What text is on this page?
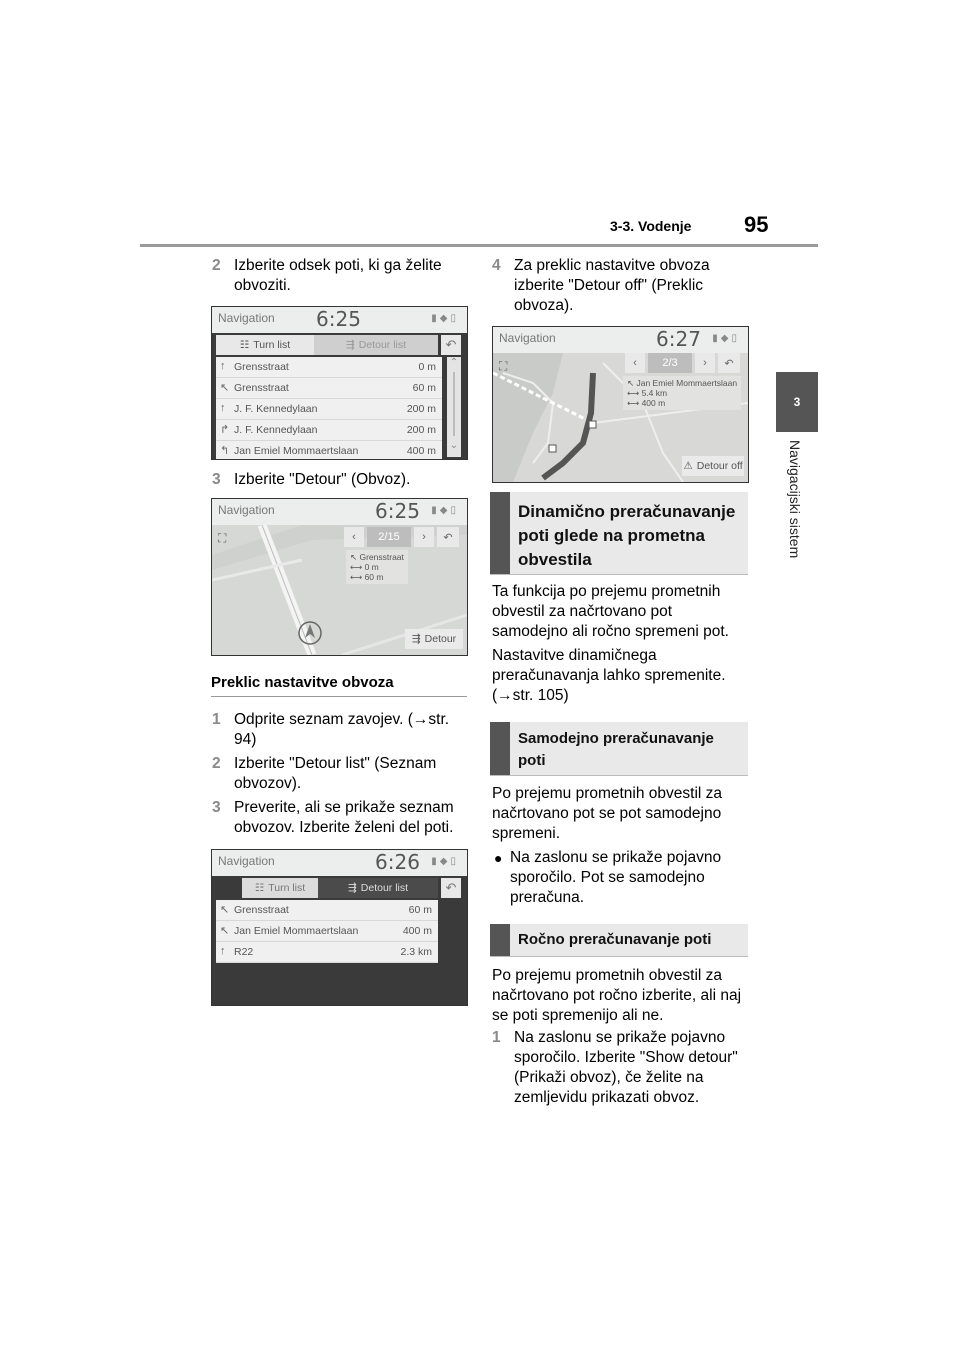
3-3. Vodenje 95
3
Navigacijski sistem
2 Izberite odsek poti, ki ga želite obvoziti.
Navigation 6:25	▮◆▯
☷ Turn list	⇶ Detour list	↶
↑ Grensstraat	0 m
↖ Grensstraat	60 m
↑ J. F. Kennedylaan	200 m
↱ J. F. Kennedylaan	200 m
↰ Jan Emiel Mommaertslaan	400 m
⌃
⌄
3 Izberite "Detour" (Obvoz).
Navigation	6:25 ▮◆▯
⛶	‹	2/15	› ↶
↖ Grensstraat
⟷ 0 m
⟷ 60 m
⇶ Detour
Preklic nastavitve obvoza
1 Odprite seznam zavojev. (→str. 94)
2 Izberite "Detour list" (Seznam obvozov).
3 Preverite, ali se prikaže seznam obvozov. Izberite želeni del poti.
Navigation	6:26 ▮◆▯
☷ Turn list	⇶ Detour list	↶
↖ Grensstraat	60 m
↖ Jan Emiel Mommaertslaan	400 m
↑ R22	2.3 km
4 Za preklic nastavitve obvoza izberite "Detour off" (Preklic obvoza).
Navigation	6:27 ▮◆▯
⛶	‹	2/3	› ↶
↖ Jan Emiel Mommaertslaan
⟷ 5.4 km
⟷ 400 m
⚠ Detour off
Dinamično preračunavanje poti glede na prometna obvestila
Ta funkcija po prejemu prometnih obvestil za načrtovano pot samodejno ali ročno spremeni pot.
Nastavitve dinamičnega preračunavanja lahko spremenite. (→str. 105)
Samodejno preračunavanje poti
Po prejemu prometnih obvestil za načrtovano pot se pot samodejno spremeni.
● Na zaslonu se prikaže pojavno sporočilo. Pot se samodejno preračuna.
Ročno preračunavanje poti
Po prejemu prometnih obvestil za načrtovano pot ročno izberite, ali naj se poti spremenijo ali ne.
1 Na zaslonu se prikaže pojavno sporočilo. Izberite "Show detour" (Prikaži obvoz), če želite na zemljevidu prikazati obvoz.
